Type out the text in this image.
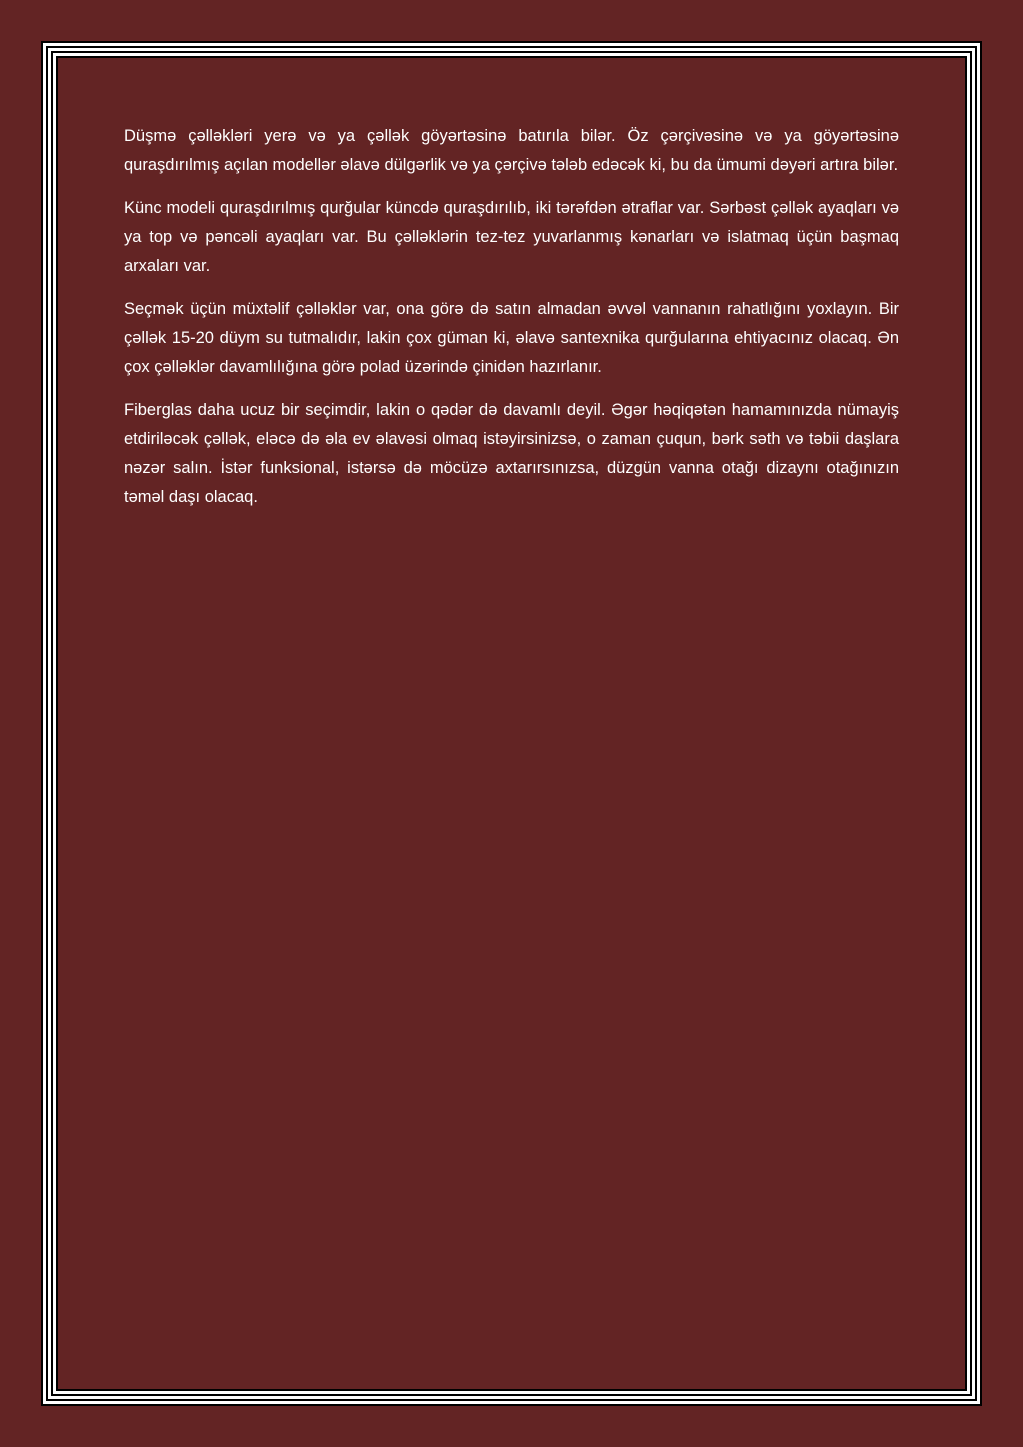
Düşmə çəlləkləri yerə və ya çəllək göyərtəsinə batırıla bilər. Öz çərçivəsinə və ya göyərtəsinə quraşdırılmış açılan modellər əlavə dülgərlik və ya çərçivə tələb edəcək ki, bu da ümumi dəyəri artıra bilər.

Künc modeli quraşdırılmış qurğular küncdə quraşdırılıb, iki tərəfdən ətraflar var. Sərbəst çəllək ayaqları və ya top və pəncəli ayaqları var. Bu çəlləklərin tez-tez yuvarlanmış kənarları və islatmaq üçün başmaq arxaları var.

Seçmək üçün müxtəlif çəlləklər var, ona görə də satın almadan əvvəl vannanın rahatlığını yoxlayın. Bir çəllək 15-20 düym su tutmalıdır, lakin çox güman ki, əlavə santexnika qurğularına ehtiyacınız olacaq. Ən çox çəlləklər davamlılığına görə polad üzərində çinidən hazırlanır.

Fiberglas daha ucuz bir seçimdir, lakin o qədər də davamlı deyil. Əgər həqiqətən hamamınızda nümayiş etdiriləcək çəllək, eləcə də əla ev əlavəsi olmaq istəyirsinizsə, o zaman çuqun, bərk səth və təbii daşlara nəzər salın. İstər funksional, istərsə də möcüzə axtarırsınızsa, düzgün vanna otağı dizaynı otağınızın təməl daşı olacaq.
